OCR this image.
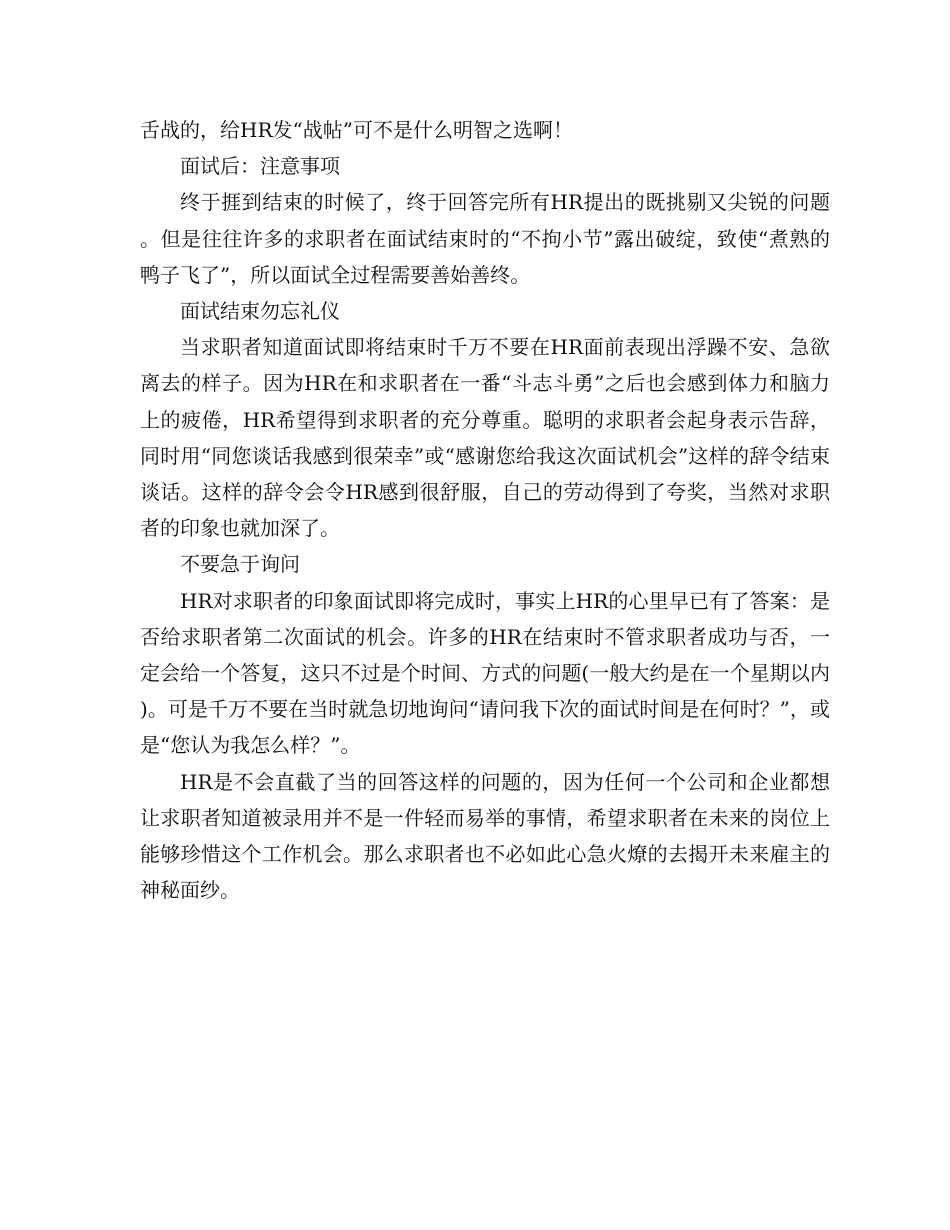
舌战的，给HR发“战帖”可不是什么明智之选啊！

面试后：注意事项

终于捱到结束的时候了，终于回答完所有HR提出的既挑剔又尖锐的问题。但是往往许多的求职者在面试结束时的“不拘小节”露出破绽，致使“煮熟的鸭子飞了”，所以面试全过程需要善始善终。

面试结束勿忘礼仪

当求职者知道面试即将结束时千万不要在HR面前表现出浮躁不安、急欲离去的样子。因为HR在和求职者在一番“斗志斗勇”之后也会感到体力和脑力上的疲倦，HR希望得到求职者的充分尊重。聪明的求职者会起身表示告辞，同时用“同您谈话我感到很荣幸”或“感谢您给我这次面试机会”这样的辞令结束谈话。这样的辞令会令HR感到很舒服，自己的劳动得到了夸奖，当然对求职者的印象也就加深了。

不要急于询问

HR对求职者的印象面试即将完成时，事实上HR的心里早已有了答案：是否给求职者第二次面试的机会。许多的HR在结束时不管求职者成功与否，一定会给一个答复，这只不过是个时间、方式的问题(一般大约是在一个星期以内)。可是千万不要在当时就急切地询问“请问我下次的面试时间是在何时？”，或是“您认为我怎么样？”。

HR是不会直截了当的回答这样的问题的，因为任何一个公司和企业都想让求职者知道被录用并不是一件轻而易举的事情，希望求职者在未来的岗位上能够珍惜这个工作机会。那么求职者也不必如此心急火燎的去揭开未来雇主的神秘面纱。
